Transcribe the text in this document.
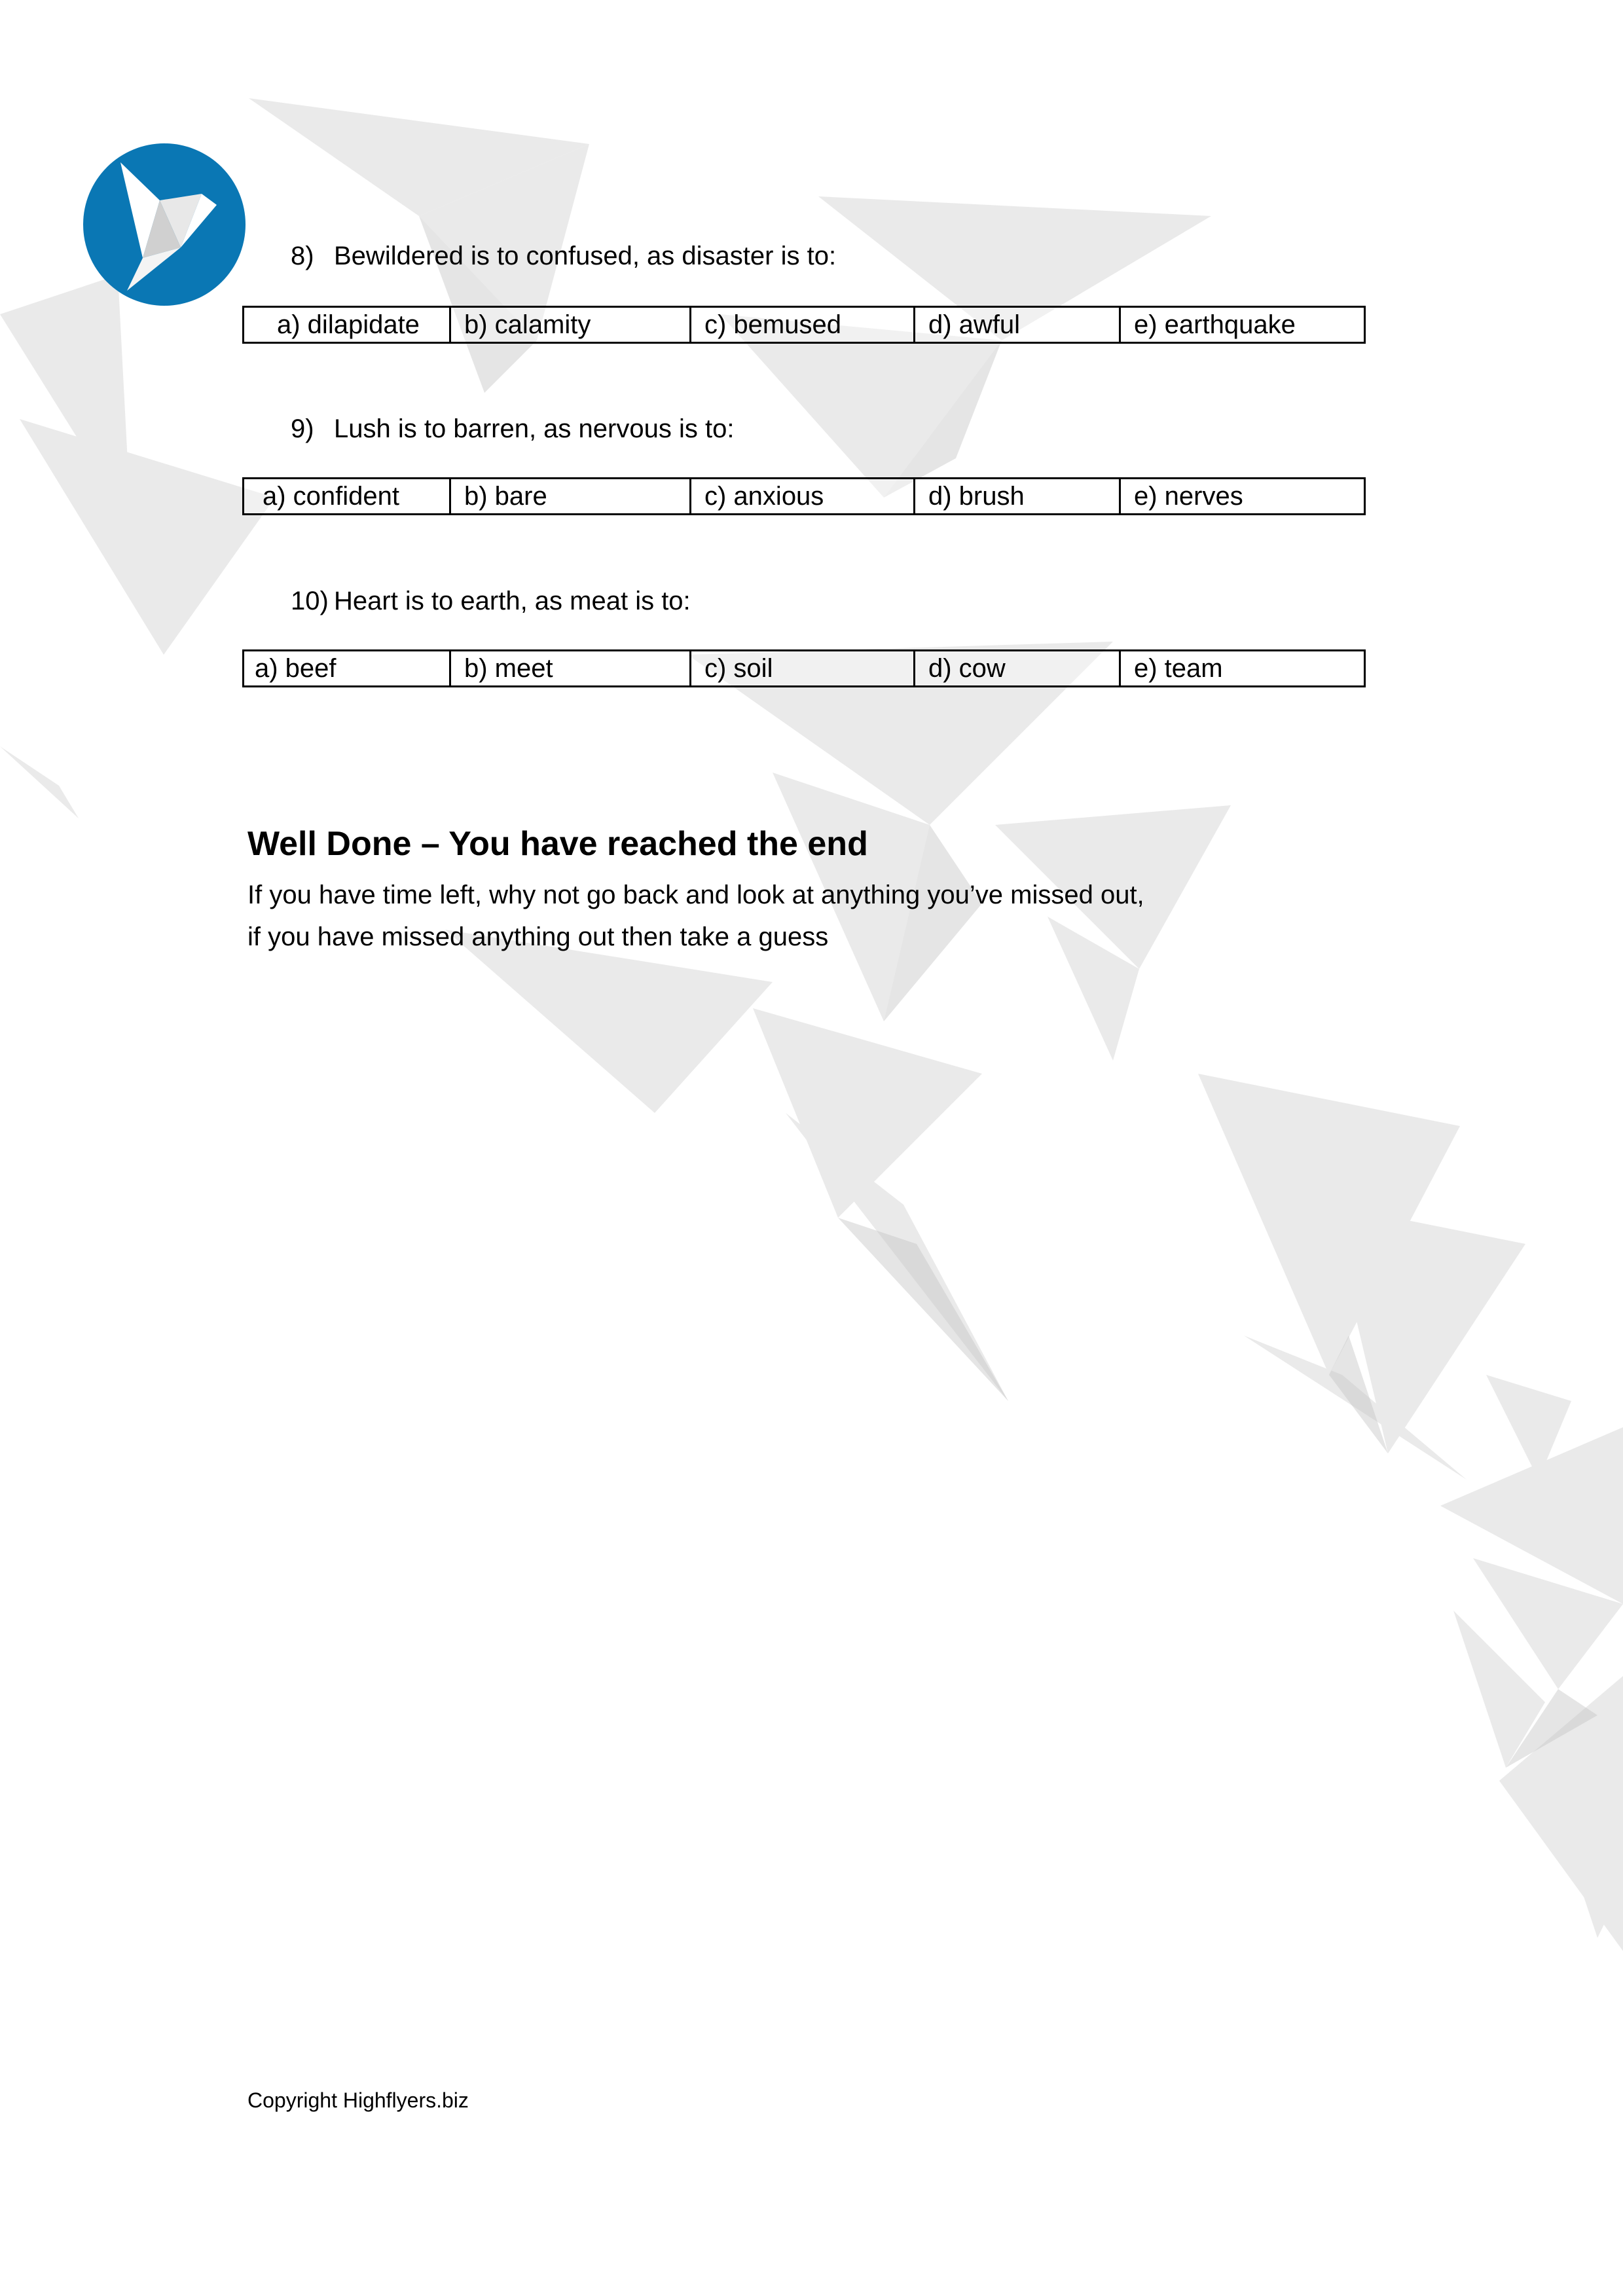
8) Bewildered is to confused, as disaster is to:
a) dilapidate	b) calamity	c) bemused	d) awful	e) earthquake
9) Lush is to barren, as nervous is to:
a) confident	b) bare	c) anxious	d) brush	e) nerves
10) Heart is to earth, as meat is to:
a) beef	b) meet	c) soil	d) cow	e) team
Well Done – You have reached the end
If you have time left, why not go back and look at anything you’ve missed out,
if you have missed anything out then take a guess
Copyright Highflyers.biz
